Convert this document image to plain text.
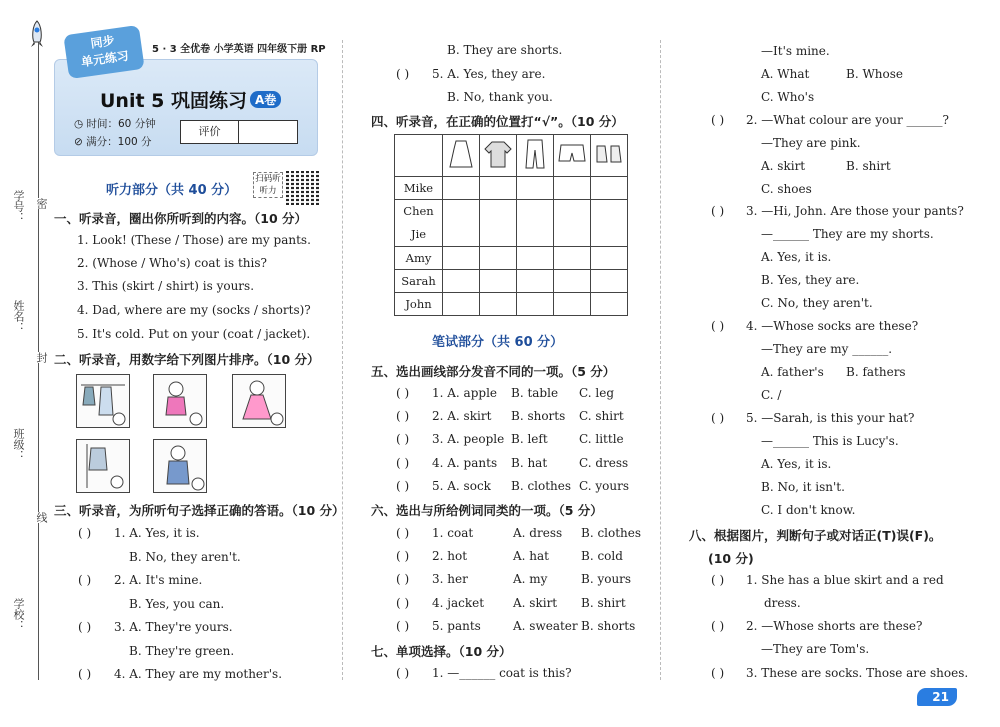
学号： 密
姓名：
封
班级：
线
学校：
同步
单元练习	5 · 3 全优卷 小学英语 四年级下册 RP
Unit 5 巩固练习 A卷
◷ 时间：60 分钟
⊘ 满分：100 分
评价
听力部分（共 40 分）
扫码听听力
一、听录音，圈出你所听到的内容。（10 分）
1. Look! (These / Those) are my pants.
2. (Whose / Who's) coat is this?
3. This (skirt / shirt) is yours.
4. Dad, where are my (socks / shorts)?
5. It's cold. Put on your (coat / jacket).
二、听录音，用数字给下列图片排序。（10 分）
三、听录音，为所听句子选择正确的答语。（10 分）
( ) 1. A. Yes, it is.
B. No, they aren't.
( ) 2. A. It's mine.
B. Yes, you can.
( ) 3. A. They're yours.
B. They're green.
( ) 4. A. They are my mother's.
B. They are shorts.
( ) 5. A. Yes, they are.
B. No, thank you.
四、听录音，在正确的位置打“√”。（10 分）

Mike					
Chen Jie					
Amy					
Sarah					
John					
笔试部分（共 60 分）
五、选出画线部分发音不同的一项。（5 分）
( ) 1. A. apple B. table C. leg
( ) 2. A. skirt B. shorts C. shirt
( ) 3. A. people B. left	C. little
( ) 4. A. pants B. hat	C. dress
( ) 5. A. sock B. clothes C. yours
六、选出与所给例词同类的一项。（5 分）
( ) 1. coat	A. dress B. clothes
( ) 2. hot	A. hat	B. cold
( ) 3. her	A. my	B. yours
( ) 4. jacket A. skirt B. shirt
( ) 5. pants	A. sweater B. shorts
七、单项选择。（10 分）
( ) 1. —______ coat is this?
—It's mine.
A. What	B. Whose
C. Who's
( ) 2. —What colour are your ______?
—They are pink.
A. skirt	B. shirt
C. shoes
( ) 3. —Hi, John. Are those your pants?
—______ They are my shorts.
A. Yes, it is.
B. Yes, they are.
C. No, they aren't.
( ) 4. —Whose socks are these?
—They are my ______.
A. father's B. fathers
C. /
( ) 5. —Sarah, is this your hat?
—______ This is Lucy's.
A. Yes, it is.
B. No, it isn't.
C. I don't know.
八、根据图片，判断句子或对话正(T)误(F)。
(10 分)
( ) 1. She has a blue skirt and a red
dress.
( ) 2. —Whose shorts are these?
—They are Tom's.
( ) 3. These are socks. Those are shoes.
21
